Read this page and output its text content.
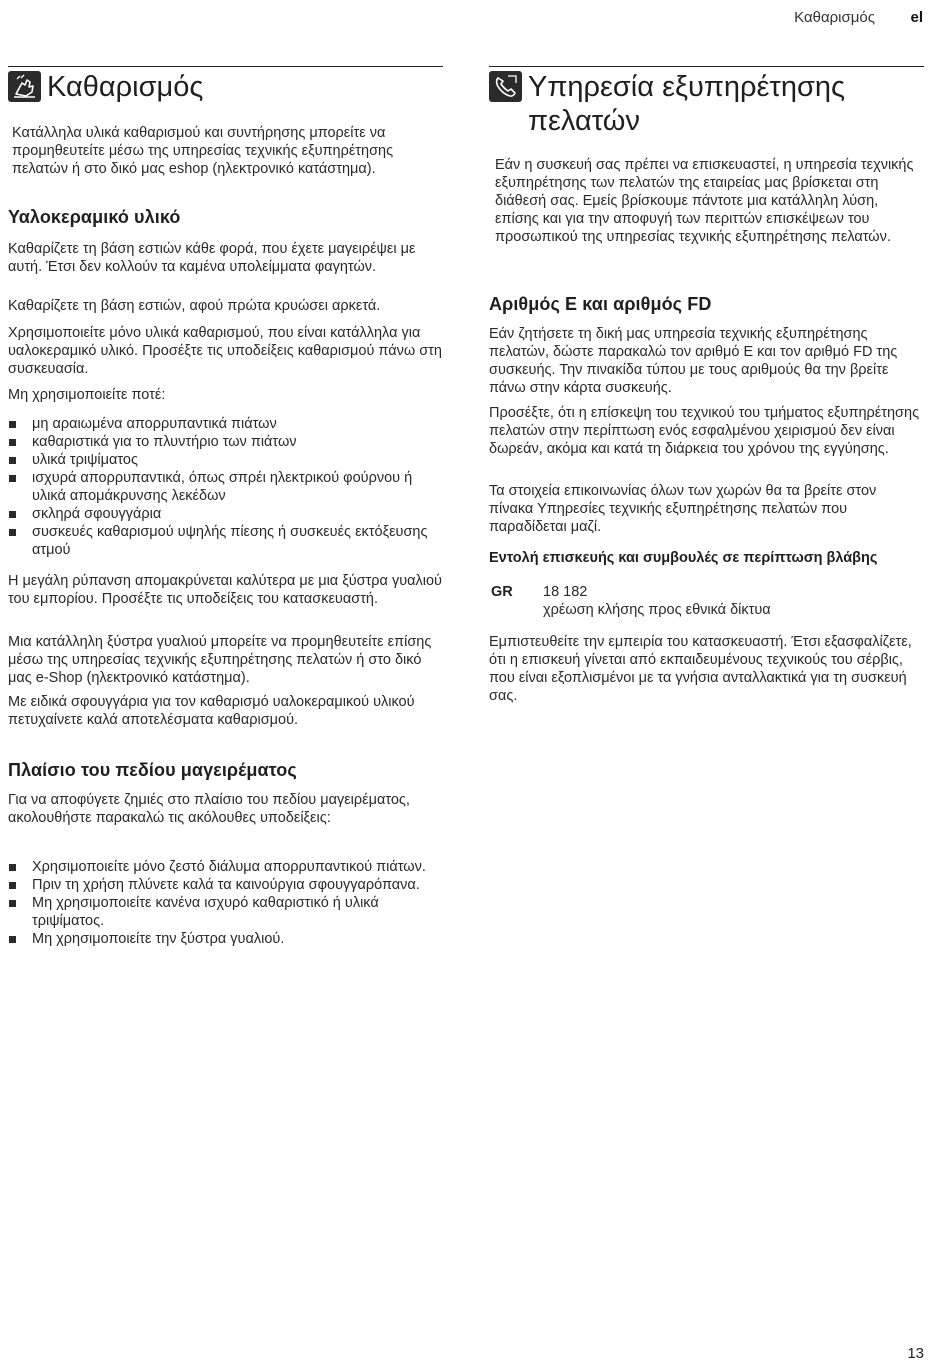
Καθαρισμός el
Καθαρισμός

Κατάλληλα υλικά καθαρισμού και συντήρησης μπορείτε να προμηθευτείτε μέσω της υπηρεσίας τεχνικής εξυπηρέτησης πελατών ή στο δικό μας eshop (ηλεκτρονικό κατάστημα).

Υαλοκεραμικό υλικό

Καθαρίζετε τη βάση εστιών κάθε φορά, που έχετε μαγειρέψει με αυτή. Έτσι δεν κολλούν τα καμένα υπολείμματα φαγητών.

Καθαρίζετε τη βάση εστιών, αφού πρώτα κρυώσει αρκετά.

Χρησιμοποιείτε μόνο υλικά καθαρισμού, που είναι κατάλληλα για υαλοκεραμικό υλικό. Προσέξτε τις υποδείξεις καθαρισμού πάνω στη συσκευασία.

Μη χρησιμοποιείτε ποτέ:

μη αραιωμένα απορρυπαντικά πιάτων
καθαριστικά για το πλυντήριο των πιάτων
υλικά τριψίματος
ισχυρά απορρυπαντικά, όπως σπρέι ηλεκτρικού φούρνου ή υλικά απομάκρυνσης λεκέδων
σκληρά σφουγγάρια
συσκευές καθαρισμού υψηλής πίεσης ή συσκευές εκτόξευσης ατμού

Η μεγάλη ρύπανση απομακρύνεται καλύτερα με μια ξύστρα γυαλιού του εμπορίου. Προσέξτε τις υποδείξεις του κατασκευαστή.

Μια κατάλληλη ξύστρα γυαλιού μπορείτε να προμηθευτείτε επίσης μέσω της υπηρεσίας τεχνικής εξυπηρέτησης πελατών ή στο δικό μας e-Shop (ηλεκτρονικό κατάστημα).

Με ειδικά σφουγγάρια για τον καθαρισμό υαλοκεραμικού υλικού πετυχαίνετε καλά αποτελέσματα καθαρισμού.

Πλαίσιο του πεδίου μαγειρέματος

Για να αποφύγετε ζημιές στο πλαίσιο του πεδίου μαγειρέματος, ακολουθήστε παρακαλώ τις ακόλουθες υποδείξεις:

Χρησιμοποιείτε μόνο ζεστό διάλυμα απορρυπαντικού πιάτων.
Πριν τη χρήση πλύνετε καλά τα καινούργια σφουγγαρόπανα.
Μη χρησιμοποιείτε κανένα ισχυρό καθαριστικό ή υλικά τριψίματος.
Μη χρησιμοποιείτε την ξύστρα γυαλιού.
Υπηρεσία εξυπηρέτησης πελατών

Εάν η συσκευή σας πρέπει να επισκευαστεί, η υπηρεσία τεχνικής εξυπηρέτησης των πελατών της εταιρείας μας βρίσκεται στη διάθεσή σας. Εμείς βρίσκουμε πάντοτε μια κατάλληλη λύση, επίσης και για την αποφυγή των περιττών επισκέψεων του προσωπικού της υπηρεσίας τεχνικής εξυπηρέτησης πελατών.

Αριθμός E και αριθμός FD

Εάν ζητήσετε τη δική μας υπηρεσία τεχνικής εξυπηρέτησης πελατών, δώστε παρακαλώ τον αριθμό E και τον αριθμό FD της συσκευής. Την πινακίδα τύπου με τους αριθμούς θα την βρείτε πάνω στην κάρτα συσκευής.

Προσέξτε, ότι η επίσκεψη του τεχνικού του τμήματος εξυπηρέτησης πελατών στην περίπτωση ενός εσφαλμένου χειρισμού δεν είναι δωρεάν, ακόμα και κατά τη διάρκεια του χρόνου της εγγύησης.

Τα στοιχεία επικοινωνίας όλων των χωρών θα τα βρείτε στον πίνακα Υπηρεσίες τεχνικής εξυπηρέτησης πελατών που παραδίδεται μαζί.

Εντολή επισκευής και συμβουλές σε περίπτωση βλάβης
GR 18 182
χρέωση κλήσης προς εθνικά δίκτυα

Εμπιστευθείτε την εμπειρία του κατασκευαστή. Έτσι εξασφαλίζετε, ότι η επισκευή γίνεται από εκπαιδευμένους τεχνικούς του σέρβις, που είναι εξοπλισμένοι με τα γνήσια ανταλλακτικά για τη συσκευή σας.

13
